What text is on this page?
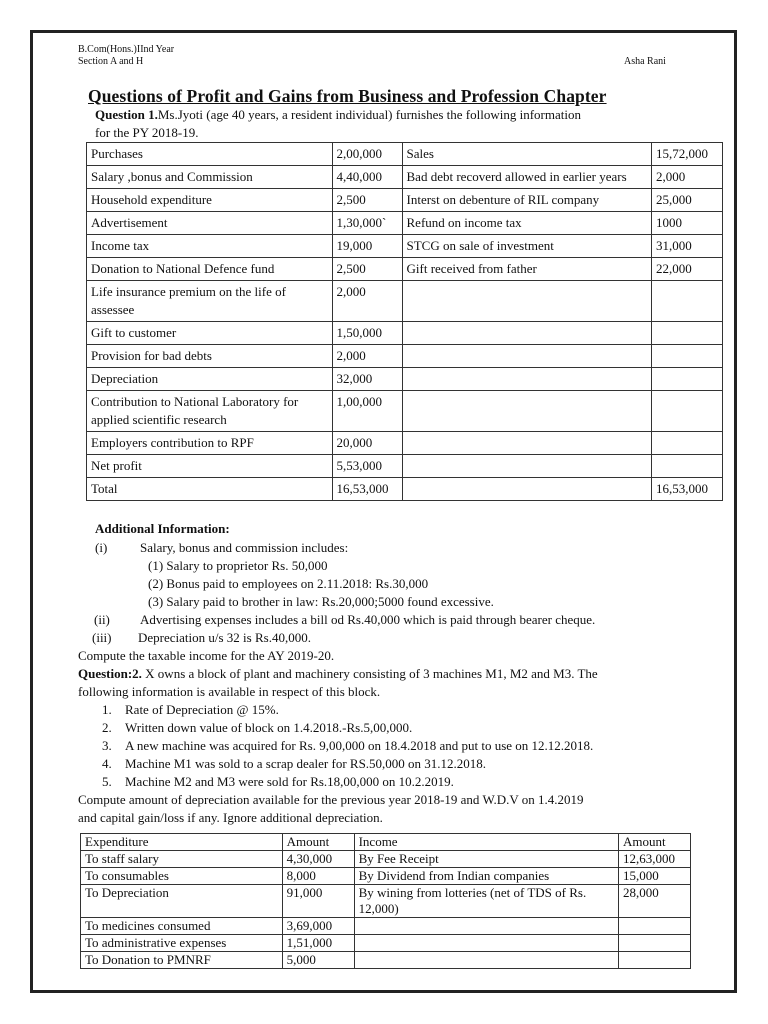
B.Com(Hons.)IInd Year
Section A and H	Asha Rani
Questions of Profit and Gains from Business and Profession Chapter
Question 1.Ms.Jyoti (age 40 years, a resident individual) furnishes the following information
for the PY 2018-19.
Purchases	2,00,000	Sales	15,72,000
Salary ,bonus and Commission	4,40,000	Bad debt recoverd allowed in earlier years	2,000
Household expenditure	2,500	Interst on debenture of RIL company	25,000
Advertisement	1,30,000`	Refund on income tax	1000
Income tax	19,000	STCG on sale of investment	31,000
Donation to National Defence fund	2,500	Gift received from father	22,000
Life insurance premium on the life of assessee	2,000		
Gift to customer	1,50,000		
Provision for bad debts	2,000		
Depreciation	32,000		
Contribution to National Laboratory for applied scientific research	1,00,000		
Employers contribution to RPF	20,000		
Net profit	5,53,000		
Total	16,53,000		16,53,000
Additional Information:
(i)	Salary, bonus and commission includes:
(1) Salary to proprietor Rs. 50,000
(2) Bonus paid to employees on 2.11.2018: Rs.30,000
(3) Salary paid to brother in law: Rs.20,000;5000 found excessive.
(ii) Advertising expenses includes a bill od Rs.40,000 which is paid through bearer cheque.
(iii) Depreciation u/s 32 is Rs.40,000.
Compute the taxable income for the AY 2019-20.
Question:2. X owns a block of plant and machinery consisting of 3 machines M1, M2 and M3. The
following information is available in respect of this block.
1. Rate of Depreciation @ 15%.
2. Written down value of block on 1.4.2018.-Rs.5,00,000.
3. A new machine was acquired for Rs. 9,00,000 on 18.4.2018 and put to use on 12.12.2018.
4. Machine M1 was sold to a scrap dealer for RS.50,000 on 31.12.2018.
5. Machine M2 and M3 were sold for Rs.18,00,000 on 10.2.2019.
Compute amount of depreciation available for the previous year 2018-19 and W.D.V on 1.4.2019
and capital gain/loss if any. Ignore additional depreciation.
Expenditure	Amount	Income	Amount
To staff salary	4,30,000	By Fee Receipt	12,63,000
To consumables	8,000	By Dividend from Indian companies	15,000
To Depreciation	91,000	By wining from lotteries (net of TDS of Rs. 12,000)	28,000
To medicines consumed	3,69,000		
To administrative expenses	1,51,000		
To Donation to PMNRF	5,000		
